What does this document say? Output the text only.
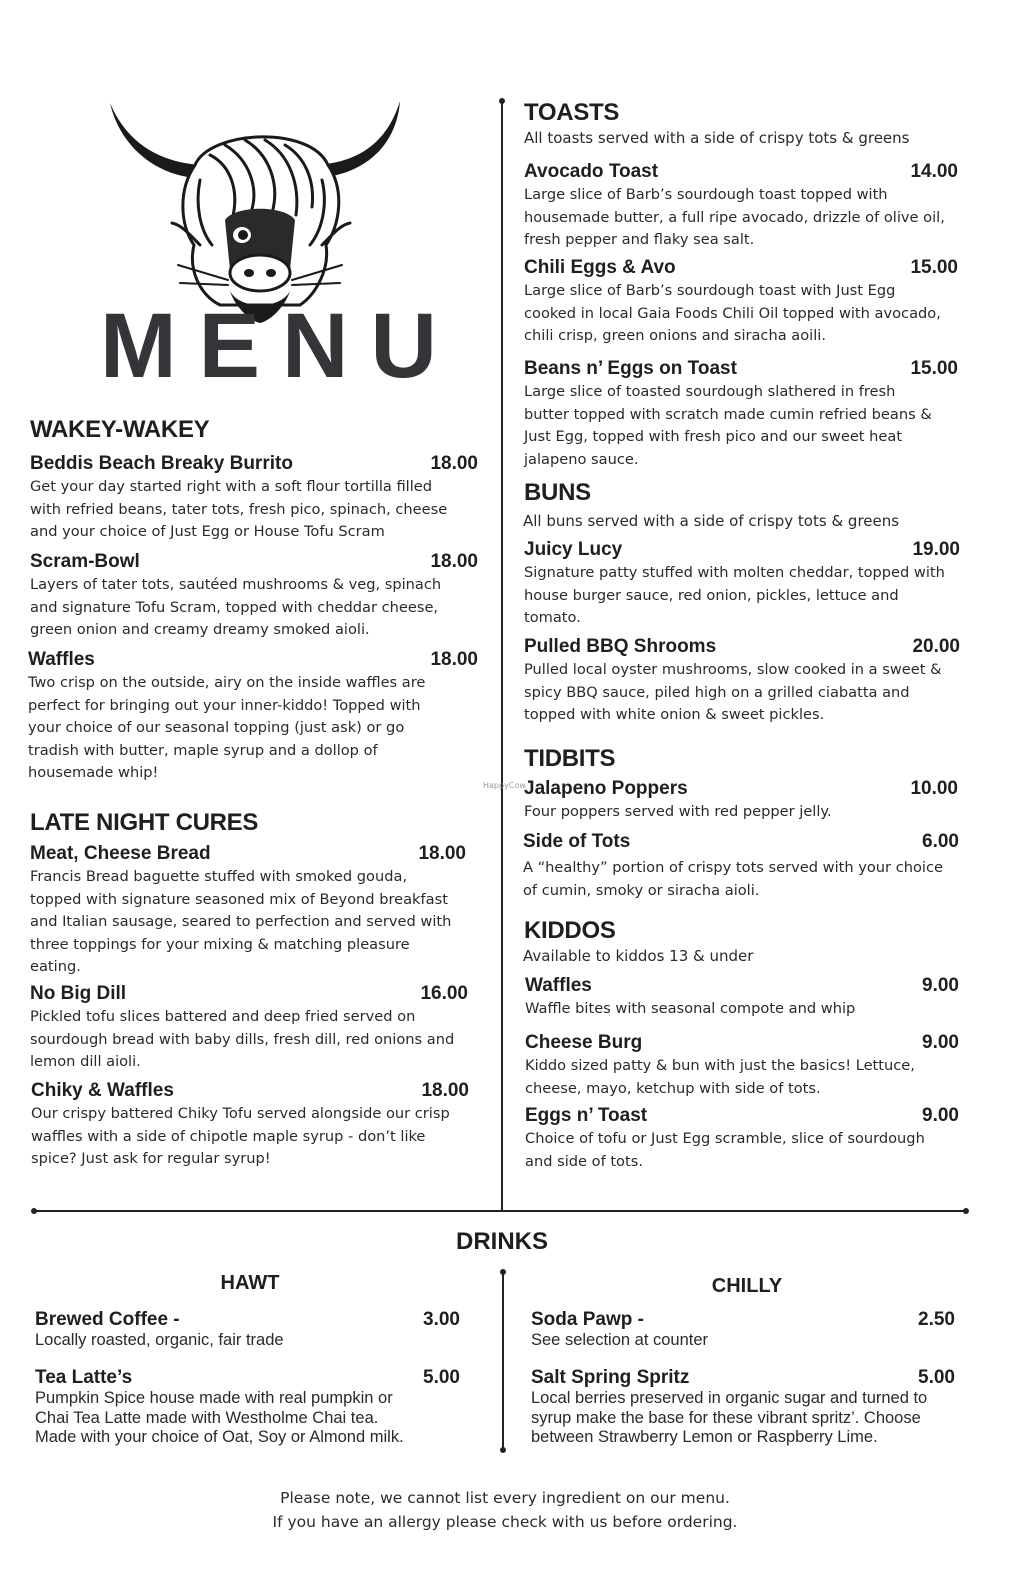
MENU
HappyCow
WAKEY-WAKEY
Beddis Beach Breaky Burrito	18.00
Get your day started right with a soft flour tortilla filled
with refried beans, tater tots, fresh pico, spinach, cheese
and your choice of Just Egg or House Tofu Scram
Scram-Bowl	18.00
Layers of tater tots, sautéed mushrooms & veg, spinach
and signature Tofu Scram, topped with cheddar cheese,
green onion and creamy dreamy smoked aioli.
Waffles	18.00
Two crisp on the outside, airy on the inside waffles are
perfect for bringing out your inner-kiddo! Topped with
your choice of our seasonal topping (just ask) or go
tradish with butter, maple syrup and a dollop of
housemade whip!
LATE NIGHT CURES
Meat, Cheese Bread	18.00
Francis Bread baguette stuffed with smoked gouda,
topped with signature seasoned mix of Beyond breakfast
and Italian sausage, seared to perfection and served with
three toppings for your mixing & matching pleasure
eating.
No Big Dill	16.00
Pickled tofu slices battered and deep fried served on
sourdough bread with baby dills, fresh dill, red onions and
lemon dill aioli.
Chiky & Waffles	18.00
Our crispy battered Chiky Tofu served alongside our crisp
waffles with a side of chipotle maple syrup - don’t like
spice? Just ask for regular syrup!
TOASTS
All toasts served with a side of crispy tots & greens
Avocado Toast	14.00
Large slice of Barb’s sourdough toast topped with
housemade butter, a full ripe avocado, drizzle of olive oil,
fresh pepper and flaky sea salt.
Chili Eggs & Avo	15.00
Large slice of Barb’s sourdough toast with Just Egg
cooked in local Gaia Foods Chili Oil topped with avocado,
chili crisp, green onions and siracha aoili.
Beans n’ Eggs on Toast	15.00
Large slice of toasted sourdough slathered in fresh
butter topped with scratch made cumin refried beans &
Just Egg, topped with fresh pico and our sweet heat
jalapeno sauce.
BUNS
All buns served with a side of crispy tots & greens
Juicy Lucy	19.00
Signature patty stuffed with molten cheddar, topped with
house burger sauce, red onion, pickles, lettuce and
tomato.
Pulled BBQ Shrooms	20.00
Pulled local oyster mushrooms, slow cooked in a sweet &
spicy BBQ sauce, piled high on a grilled ciabatta and
topped with white onion & sweet pickles.
TIDBITS
Jalapeno Poppers	10.00
Four poppers served with red pepper jelly.
Side of Tots	6.00
A “healthy” portion of crispy tots served with your choice
of cumin, smoky or siracha aioli.
KIDDOS
Available to kiddos 13 & under
Waffles	9.00
Waffle bites with seasonal compote and whip
Cheese Burg	9.00
Kiddo sized patty & bun with just the basics! Lettuce,
cheese, mayo, ketchup with side of tots.
Eggs n’ Toast	9.00
Choice of tofu or Just Egg scramble, slice of sourdough
and side of tots.
DRINKS
HAWT	CHILLY
Brewed Coffee -	3.00
Locally roasted, organic, fair trade
Tea Latte’s	5.00
Pumpkin Spice house made with real pumpkin or
Chai Tea Latte made with Westholme Chai tea.
Made with your choice of Oat, Soy or Almond milk.
Soda Pawp -	2.50
See selection at counter
Salt Spring Spritz	5.00
Local berries preserved in organic sugar and turned to
syrup make the base for these vibrant spritz’. Choose
between Strawberry Lemon or Raspberry Lime.
Please note, we cannot list every ingredient on our menu.
If you have an allergy please check with us before ordering.
